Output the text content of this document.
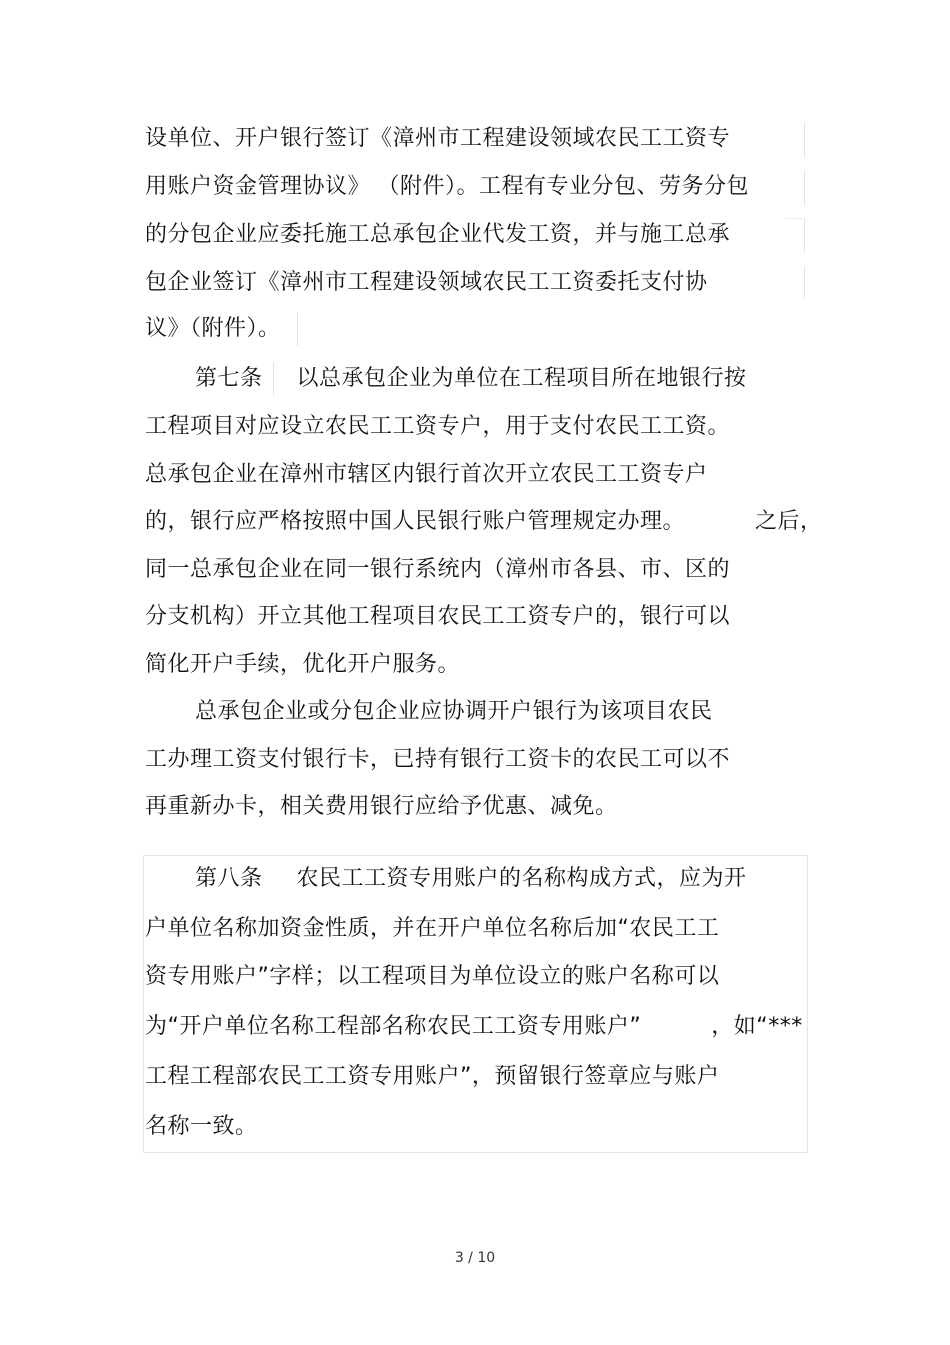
设单位、开户银行签订《漳州市工程建设领域农民工工资专
用账户资金管理协议》 （附件）。工程有专业分包、劳务分包
的分包企业应委托施工总承包企业代发工资，并与施工总承
包企业签订《漳州市工程建设领域农民工工资委托支付协
议》（附件）。
第七条 以总承包企业为单位在工程项目所在地银行按
工程项目对应设立农民工工资专户，用于支付农民工工资。
总承包企业在漳州市辖区内银行首次开立农民工工资专户
的，银行应严格按照中国人民银行账户管理规定办理。	之后，
同一总承包企业在同一银行系统内（漳州市各县、市、区的
分支机构）开立其他工程项目农民工工资专户的，银行可以
简化开户手续，优化开户服务。
总承包企业或分包企业应协调开户银行为该项目农民
工办理工资支付银行卡，已持有银行工资卡的农民工可以不
再重新办卡，相关费用银行应给予优惠、减免。
第八条 农民工工资专用账户的名称构成方式，应为开
户单位名称加资金性质，并在开户单位名称后加“农民工工
资专用账户”字样；以工程项目为单位设立的账户名称可以
为“开户单位名称工程部名称农民工工资专用账户”	，如“***
工程工程部农民工工资专用账户”，预留银行签章应与账户
名称一致。
3 / 10
